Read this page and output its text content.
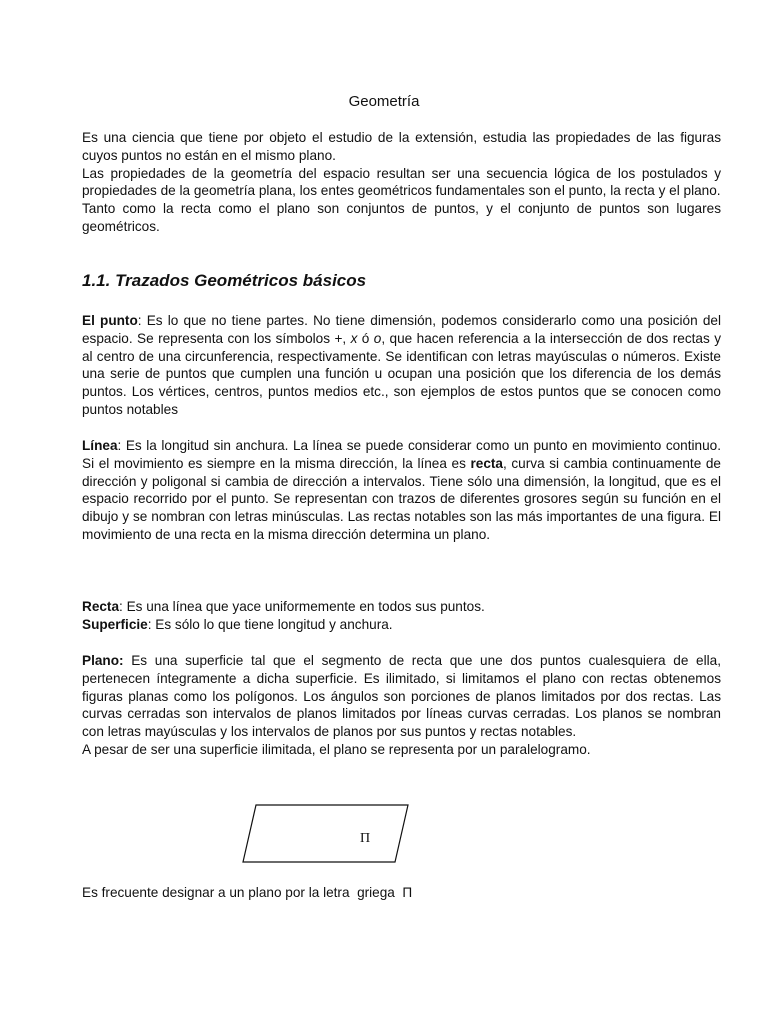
Geometría

Es una ciencia que tiene por objeto el estudio de la extensión, estudia las propiedades de las figuras cuyos puntos no están en el mismo plano.
Las propiedades de la geometría del espacio resultan ser una secuencia lógica de los postulados y propiedades de la geometría plana, los entes geométricos fundamentales son el punto, la recta y el plano.
Tanto como la recta como el plano son conjuntos de puntos, y el conjunto de puntos son lugares geométricos.

1.1. Trazados Geométricos básicos

El punto: Es lo que no tiene partes. No tiene dimensión, podemos considerarlo como una posición del espacio. Se representa con los símbolos +, x ó o, que hacen referencia a la intersección de dos rectas y al centro de una circunferencia, respectivamente. Se identifican con letras mayúsculas o números. Existe una serie de puntos que cumplen una función u ocupan una posición que los diferencia de los demás puntos. Los vértices, centros, puntos medios etc., son ejemplos de estos puntos que se conocen como puntos notables

Línea: Es la longitud sin anchura. La línea se puede considerar como un punto en movimiento continuo. Si el movimiento es siempre en la misma dirección, la línea es recta, curva si cambia continuamente de dirección y poligonal si cambia de dirección a intervalos. Tiene sólo una dimensión, la longitud, que es el espacio recorrido por el punto. Se representan con trazos de diferentes grosores según su función en el dibujo y se nombran con letras minúsculas. Las rectas notables son las más importantes de una figura. El movimiento de una recta en la misma dirección determina un plano.

Recta: Es una línea que yace uniformemente en todos sus puntos.

Superficie: Es sólo lo que tiene longitud y anchura.

Plano: Es una superficie tal que el segmento de recta que une dos puntos cualesquiera de ella, pertenecen íntegramente a dicha superficie. Es ilimitado, si limitamos el plano con rectas obtenemos figuras planas como los polígonos. Los ángulos son porciones de planos limitados por dos rectas. Las curvas cerradas son intervalos de planos limitados por líneas curvas cerradas. Los planos se nombran con letras mayúsculas y los intervalos de planos por sus puntos y rectas notables.
A pesar de ser una superficie ilimitada, el plano se representa por un paralelogramo.

Π

Es frecuente designar a un plano por la letra  griega  Π
